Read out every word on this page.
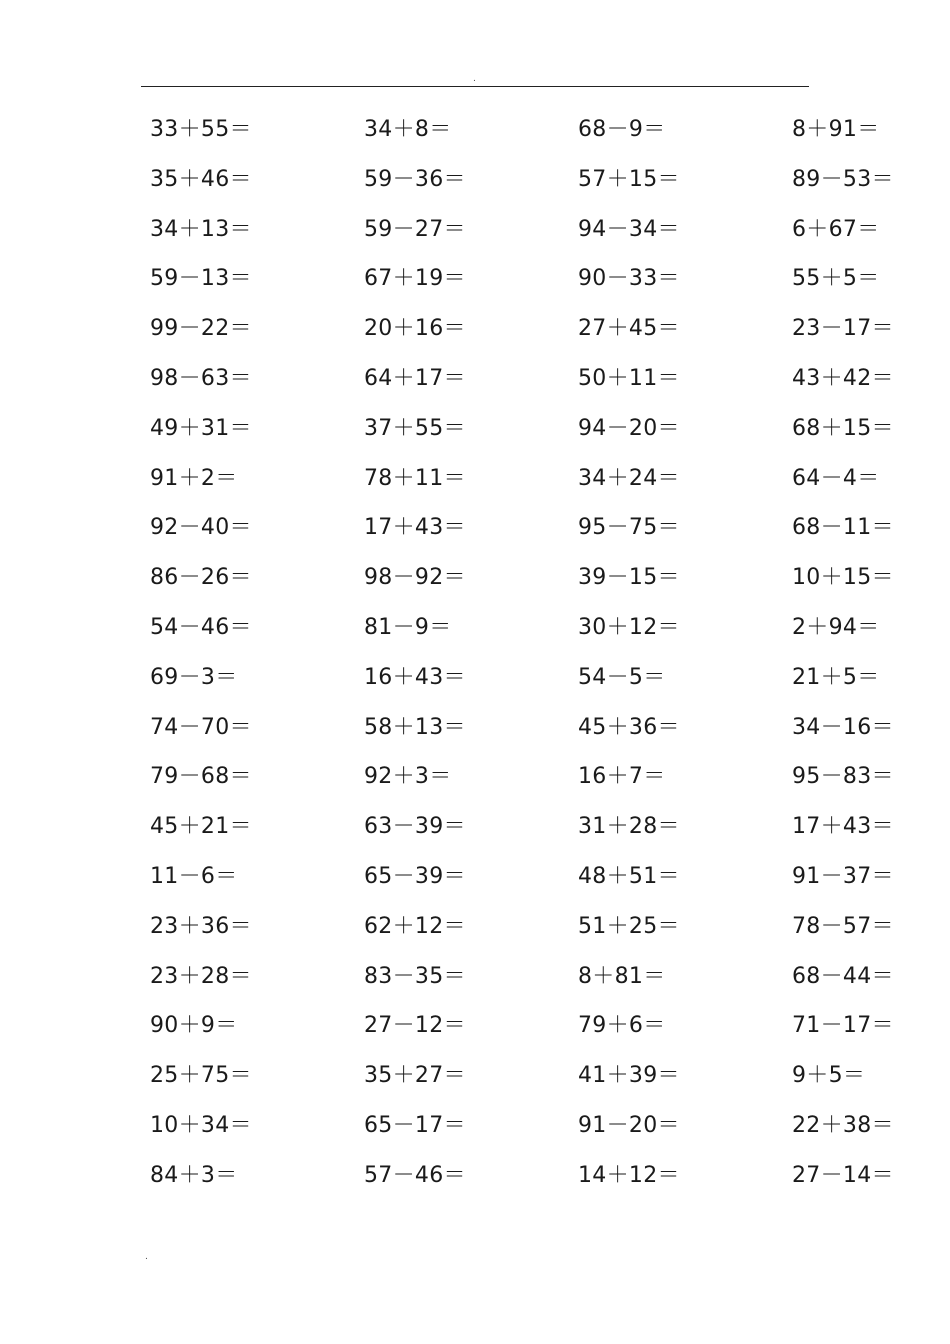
.
33＋55＝	34＋8＝	68－9＝	8＋91＝
35＋46＝	59－36＝	57＋15＝	89－53＝
34＋13＝	59－27＝	94－34＝	6＋67＝
59－13＝	67＋19＝	90－33＝	55＋5＝
99－22＝	20＋16＝	27＋45＝	23－17＝
98－63＝	64＋17＝	50＋11＝	43＋42＝
49＋31＝	37＋55＝	94－20＝	68＋15＝
91＋2＝	78＋11＝	34＋24＝	64－4＝
92－40＝	17＋43＝	95－75＝	68－11＝
86－26＝	98－92＝	39－15＝	10＋15＝
54－46＝	81－9＝	30＋12＝	2＋94＝
69－3＝	16＋43＝	54－5＝	21＋5＝
74－70＝	58＋13＝	45＋36＝	34－16＝
79－68＝	92＋3＝	16＋7＝	95－83＝
45＋21＝	63－39＝	31＋28＝	17＋43＝
11－6＝	65－39＝	48＋51＝	91－37＝
23＋36＝	62＋12＝	51＋25＝	78－57＝
23＋28＝	83－35＝	8＋81＝	68－44＝
90＋9＝	27－12＝	79＋6＝	71－17＝
25＋75＝	35＋27＝	41＋39＝	9＋5＝
10＋34＝	65－17＝	91－20＝	22＋38＝
84＋3＝	57－46＝	14＋12＝	27－14＝
.
